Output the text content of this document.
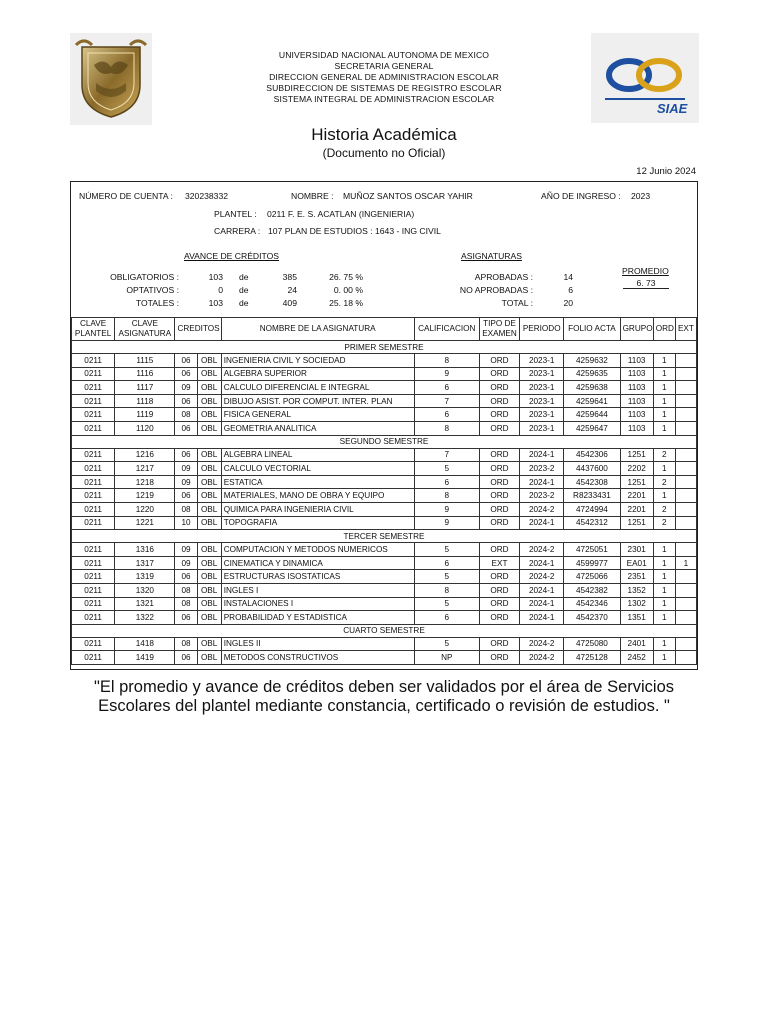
UNIVERSIDAD NACIONAL AUTONOMA DE MEXICO
SECRETARIA GENERAL
DIRECCION GENERAL DE ADMINISTRACION ESCOLAR
SUBDIRECCION DE SISTEMAS DE REGISTRO ESCOLAR
SISTEMA INTEGRAL DE ADMINISTRACION ESCOLAR
SIAE
Historia Académica
(Documento no Oficial)
12 Junio 2024
NÚMERO DE CUENTA : 320238332	NOMBRE : MUÑOZ SANTOS OSCAR YAHIR	AÑO DE INGRESO : 2023
PLANTEL : 0211 F. E. S. ACATLAN (INGENIERIA)
CARRERA : 107 PLAN DE ESTUDIOS : 1643 - ING CIVIL
AVANCE DE CRÉDITOS
OBLIGATORIOS :	103 de	385	26. 75 %
OPTATIVOS :	0 de	24	0. 00 %
TOTALES :	103 de	409	25. 18 %
ASIGNATURAS
APROBADAS :	14
NO APROBADAS :	6
TOTAL :	20
PROMEDIO
6. 73
CLAVE PLANTEL	CLAVE ASIGNATURA	CREDITOS		NOMBRE DE LA ASIGNATURA	CALIFICACION	TIPO DE EXAMEN	PERIODO	FOLIO ACTA	GRUPO	ORD	EXT
PRIMER SEMESTRE											
0211	1115	06	OBL	INGENIERIA CIVIL Y SOCIEDAD	8	ORD	2023-1	4259632	1103	1	
0211	1116	06	OBL	ALGEBRA SUPERIOR	9	ORD	2023-1	4259635	1103	1	
0211	1117	09	OBL	CALCULO DIFERENCIAL E INTEGRAL	6	ORD	2023-1	4259638	1103	1	
0211	1118	06	OBL	DIBUJO ASIST. POR COMPUT. INTER. PLAN	7	ORD	2023-1	4259641	1103	1	
0211	1119	08	OBL	FISICA GENERAL	6	ORD	2023-1	4259644	1103	1	
0211	1120	06	OBL	GEOMETRIA ANALITICA	8	ORD	2023-1	4259647	1103	1	
SEGUNDO SEMESTRE											
0211	1216	06	OBL	ALGEBRA LINEAL	7	ORD	2024-1	4542306	1251	2	
0211	1217	09	OBL	CALCULO VECTORIAL	5	ORD	2023-2	4437600	2202	1	
0211	1218	09	OBL	ESTATICA	6	ORD	2024-1	4542308	1251	2	
0211	1219	06	OBL	MATERIALES, MANO DE OBRA Y EQUIPO	8	ORD	2023-2	R8233431	2201	1	
0211	1220	08	OBL	QUIMICA PARA INGENIERIA CIVIL	9	ORD	2024-2	4724994	2201	2	
0211	1221	10	OBL	TOPOGRAFIA	9	ORD	2024-1	4542312	1251	2	
TERCER SEMESTRE											
0211	1316	09	OBL	COMPUTACION Y METODOS NUMERICOS	5	ORD	2024-2	4725051	2301	1	
0211	1317	09	OBL	CINEMATICA Y DINAMICA	6	EXT	2024-1	4599977	EA01	1	1
0211	1319	06	OBL	ESTRUCTURAS ISOSTATICAS	5	ORD	2024-2	4725066	2351	1	
0211	1320	08	OBL	INGLES I	8	ORD	2024-1	4542382	1352	1	
0211	1321	08	OBL	INSTALACIONES I	5	ORD	2024-1	4542346	1302	1	
0211	1322	06	OBL	PROBABILIDAD Y ESTADISTICA	6	ORD	2024-1	4542370	1351	1	
CUARTO SEMESTRE											
0211	1418	08	OBL	INGLES II	5	ORD	2024-2	4725080	2401	1	
0211	1419	06	OBL	METODOS CONSTRUCTIVOS	NP	ORD	2024-2	4725128	2452	1	
"El promedio y avance de créditos deben ser validados por el área de Servicios Escolares del plantel mediante constancia, certificado o revisión de estudios. "
